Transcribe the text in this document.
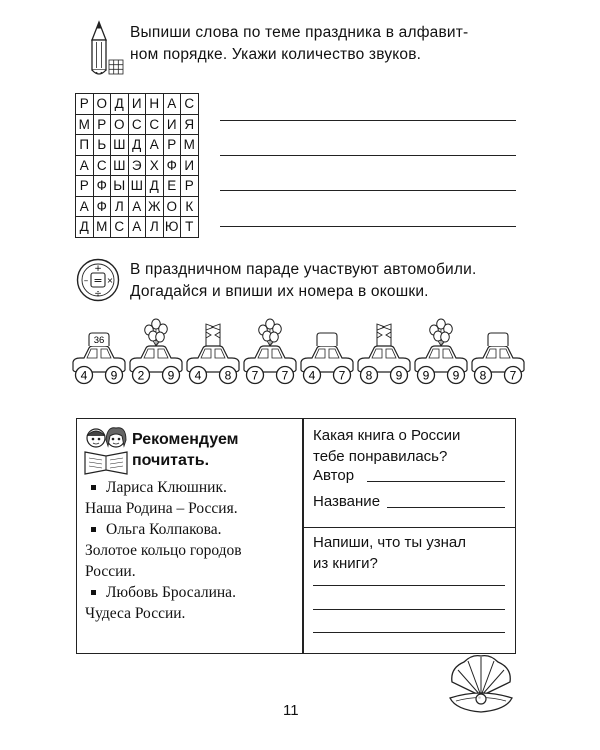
Выпиши слова по теме праздника в алфавит-
ном порядке. Укажи количество звуков.
Р	О	Д	И	Н	А	С
М	Р	О	С	С	И	Я
П	Ь	Ш	Д	А	Р	М
А	С	Ш	Э	Х	Ф	И
Р	Ф	Ы	Ш	Д	Е	Р
А	Ф	Л	А	Ж	О	К
Д	М	С	А	Л	Ю	Т
=
+
÷
– ×
В праздничном параде участвуют автомобили.
Догадайся и впиши их номера в окошки.
4 9
36
2 9 4 8 7 7 4 7 8 9 9 9 8 7
Рекомендуем
почитать.
Лариса Клюшник.
Наша Родина – Россия.
Ольга Колпакова.
Золотое кольцо городов
России.
Любовь Бросалина.
Чудеса России.
Какая книга о России
тебе понравилась?
Автор
Название
Напиши, что ты узнал
из книги?
11
